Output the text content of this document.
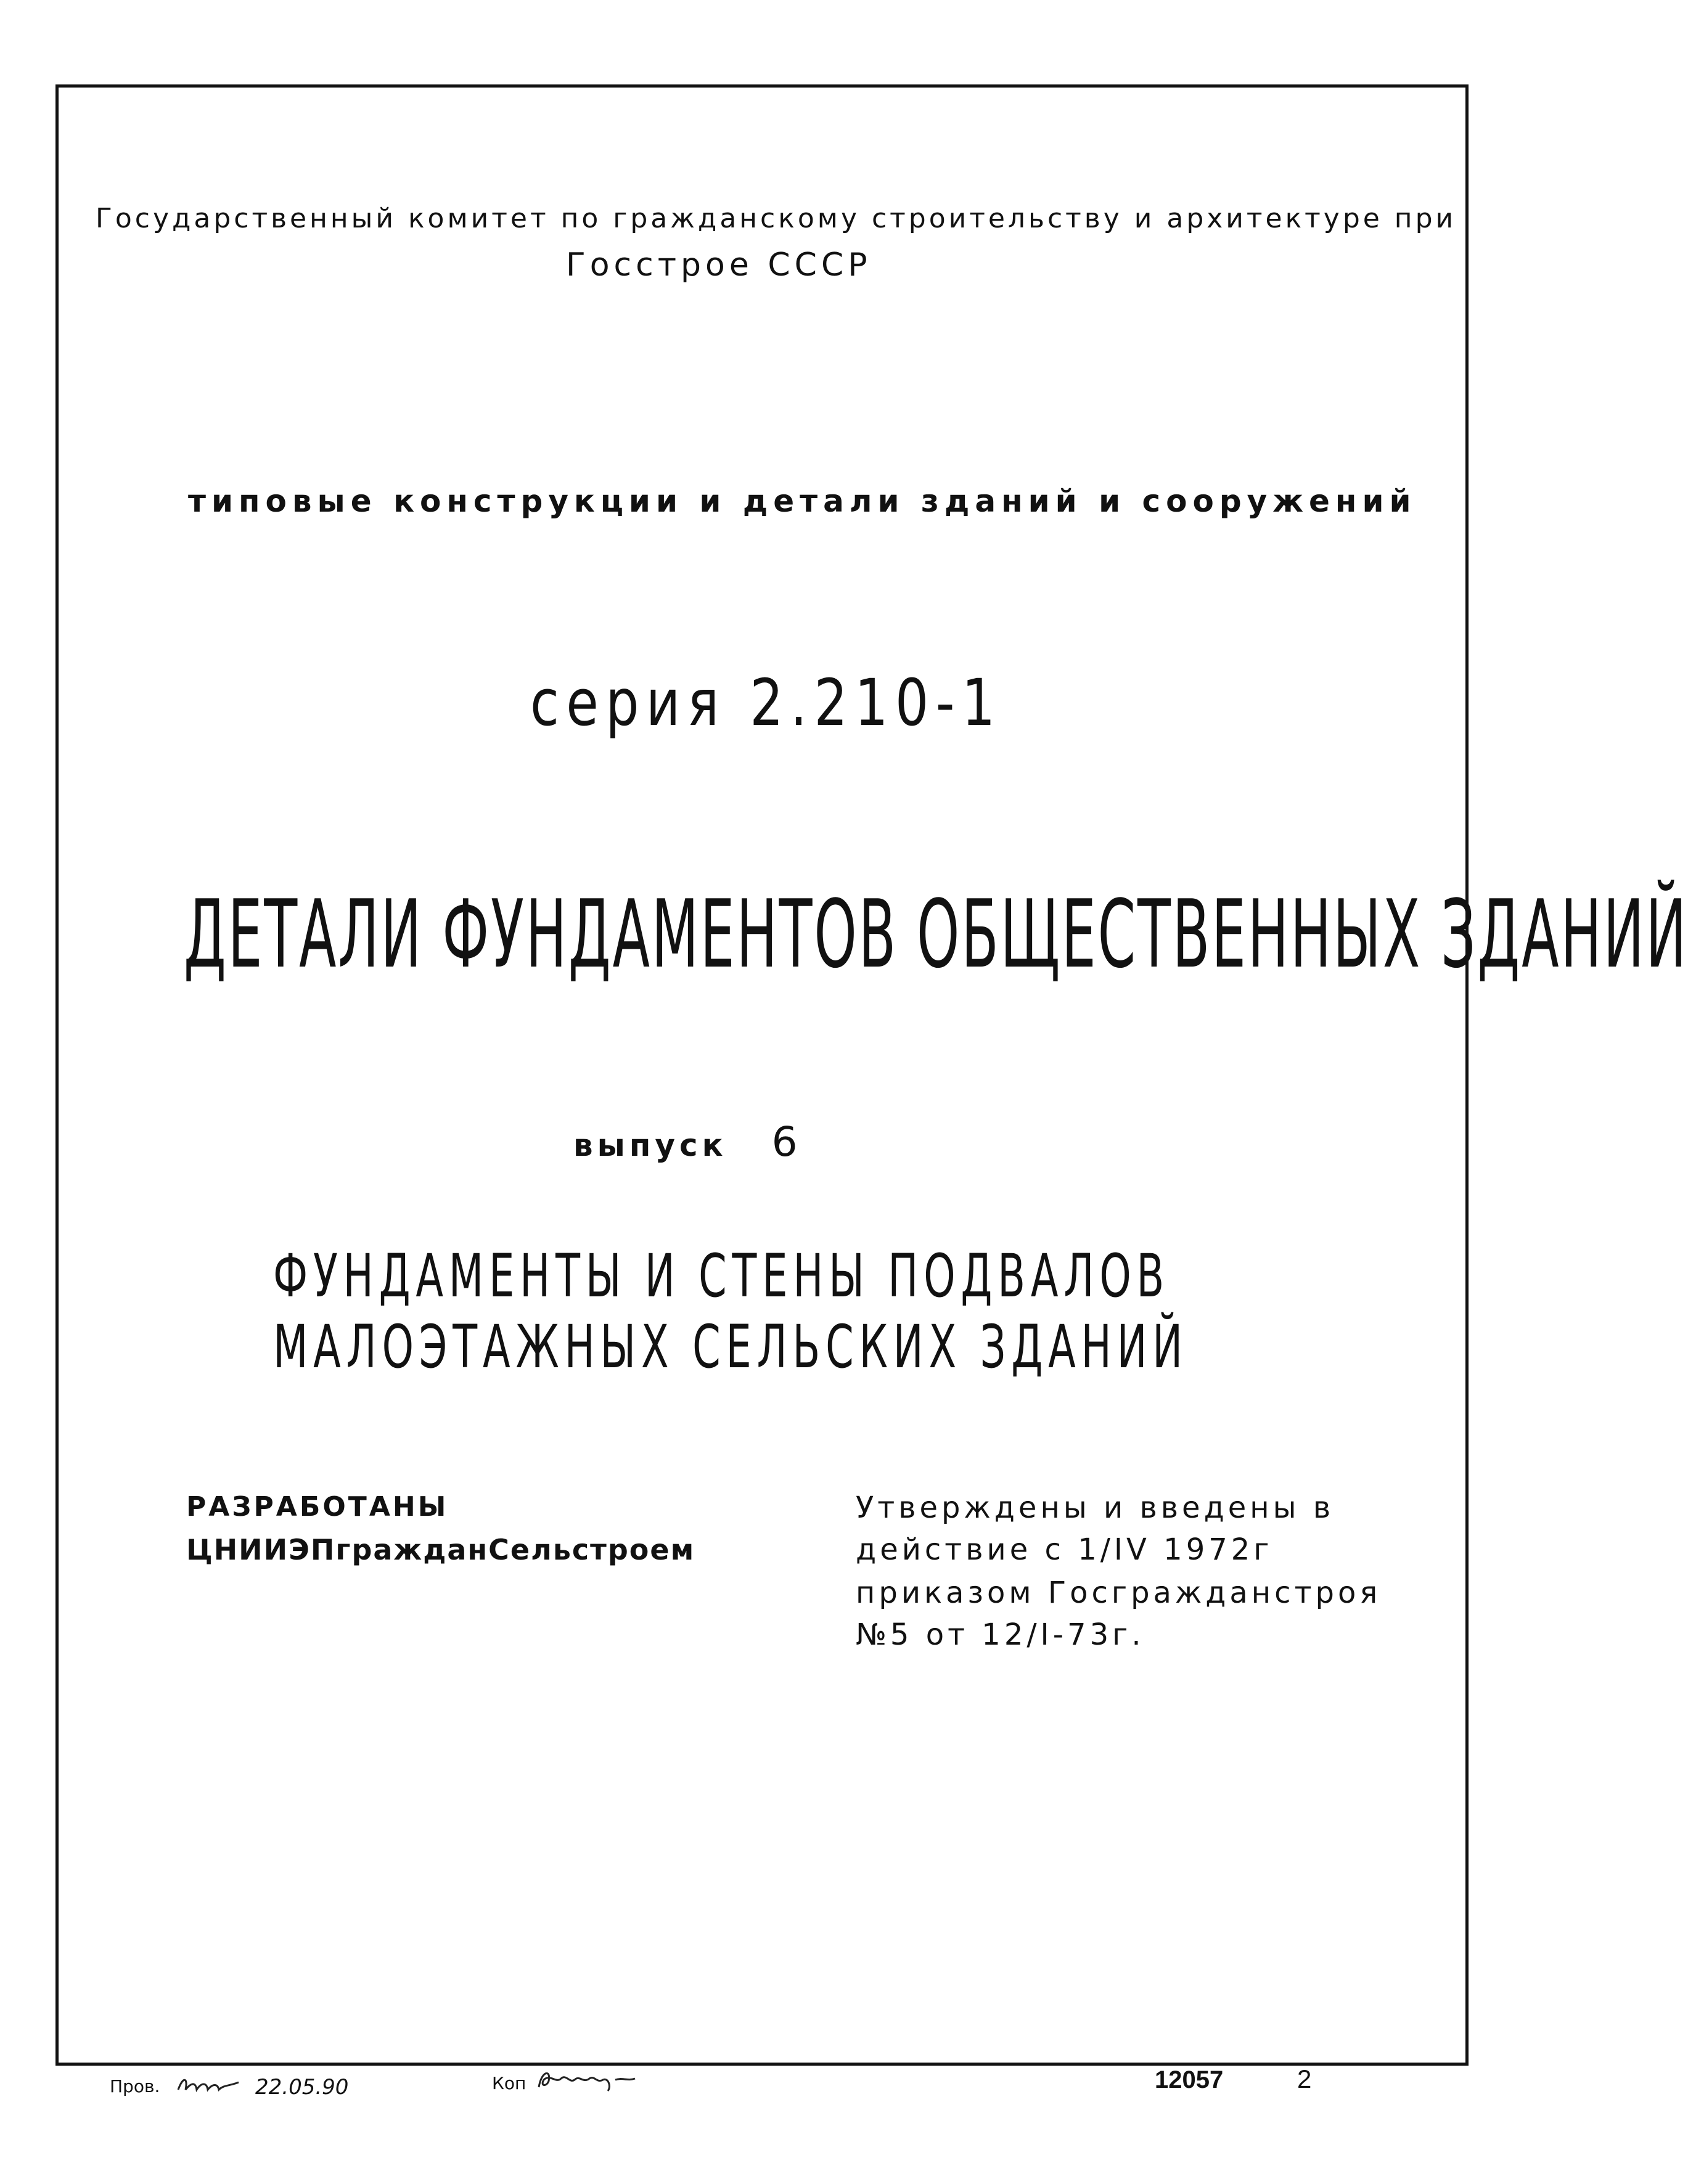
Государственный комитет по гражданскому строительству и архитектуре при
Госстрое СССР
типовые конструкции и детали зданий и сооружений
серия 2.210-1
ДЕТАЛИ ФУНДАМЕНТОВ ОБЩЕСТВЕННЫХ ЗДАНИЙ
выпуск 6
ФУНДАМЕНТЫ И СТЕНЫ ПОДВАЛОВ
МАЛОЭТАЖНЫХ СЕЛЬСКИХ ЗДАНИЙ
РАЗРАБОТАНЫ
ЦНИИЭПгражданСельстроем
Утверждены и введены в
действие с 1/IV 1972г
приказом Госгражданстроя
№5 от 12/I-73г.
Пров.	22.05.90	Коп	12057	2
